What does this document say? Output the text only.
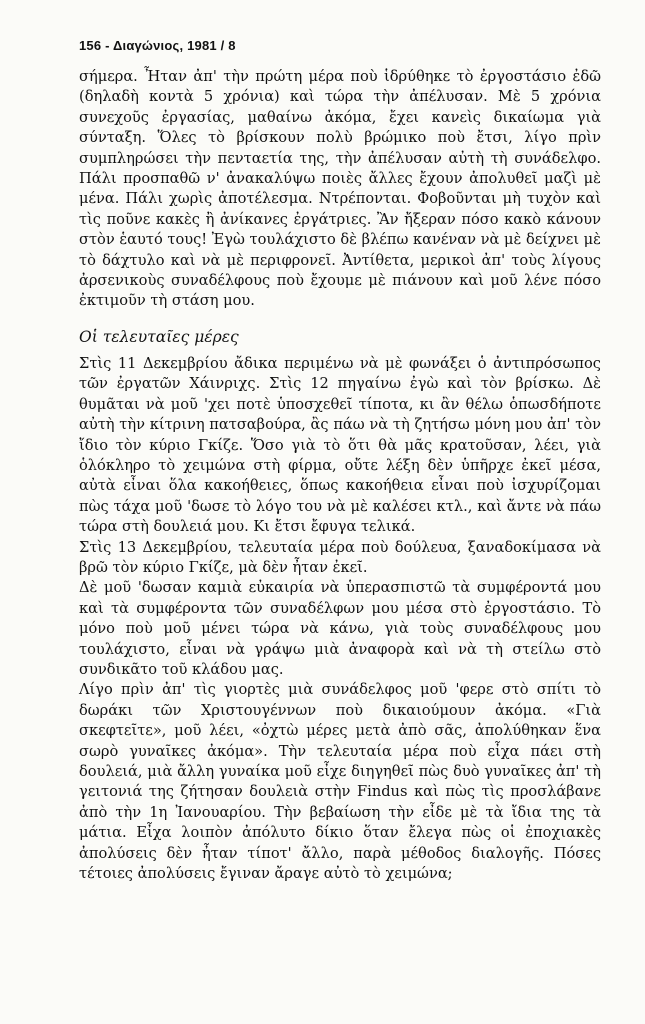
156 - Διαγώνιος, 1981 / 8

σήμερα. Ἦταν ἀπ' τὴν πρώτη μέρα ποὺ ἱδρύθηκε τὸ ἐργοστάσιο ἐδῶ (δηλαδὴ κοντὰ 5 χρόνια) καὶ τώρα τὴν ἀπέλυσαν. Μὲ 5 χρόνια συνεχοῦς ἐργασίας, μαθαίνω ἀκόμα, ἔχει κανεὶς δικαίωμα γιὰ σύνταξη. Ὅλες τὸ βρίσκουν πολὺ βρώμικο ποὺ ἔτσι, λίγο πρὶν συμπληρώσει τὴν πενταετία της, τὴν ἀπέλυσαν αὐτὴ τὴ συνάδελφο. Πάλι προσπαθῶ ν' ἀνακαλύψω ποιὲς ἄλλες ἔχουν ἀπολυθεῖ μαζὶ μὲ μένα. Πάλι χωρὶς ἀποτέλεσμα. Ντρέπονται. Φοβοῦνται μὴ τυχὸν καὶ τὶς ποῦνε κακὲς ἢ ἀνίκανες ἐργάτριες. Ἂν ἤξεραν πόσο κακὸ κάνουν στὸν ἑαυτό τους! Ἐγὼ τουλάχιστο δὲ βλέπω κανέναν νὰ μὲ δείχνει μὲ τὸ δάχτυλο καὶ νὰ μὲ περιφρονεῖ. Ἀντίθετα, μερικοὶ ἀπ' τοὺς λίγους ἀρσενικοὺς συναδέλφους ποὺ ἔχουμε μὲ πιάνουν καὶ μοῦ λένε πόσο ἐκτιμοῦν τὴ στάση μου.

Οἱ τελευταῖες μέρες

Στὶς 11 Δεκεμβρίου ἄδικα περιμένω νὰ μὲ φωνάξει ὁ ἀντιπρόσωπος τῶν ἐργατῶν Χάινριχς. Στὶς 12 πηγαίνω ἐγὼ καὶ τὸν βρίσκω. Δὲ θυμᾶται νὰ μοῦ 'χει ποτὲ ὑποσχεθεῖ τίποτα, κι ἂν θέλω ὁπωσδήποτε αὐτὴ τὴν κίτρινη πατσαβούρα, ἂς πάω νὰ τὴ ζητήσω μόνη μου ἀπ' τὸν ἴδιο τὸν κύριο Γκίζε. Ὅσο γιὰ τὸ ὅτι θὰ μᾶς κρατοῦσαν, λέει, γιὰ ὁλόκληρο τὸ χειμώνα στὴ φίρμα, οὔτε λέξη δὲν ὑπῆρχε ἐκεῖ μέσα, αὐτὰ εἶναι ὅλα κακοήθειες, ὅπως κακοήθεια εἶναι ποὺ ἰσχυρίζομαι πὼς τάχα μοῦ 'δωσε τὸ λόγο του νὰ μὲ καλέσει κτλ., καὶ ἄντε νὰ πάω τώρα στὴ δουλειά μου. Κι ἔτσι ἔφυγα τελικά.

Στὶς 13 Δεκεμβρίου, τελευταία μέρα ποὺ δούλευα, ξαναδοκίμασα νὰ βρῶ τὸν κύριο Γκίζε, μὰ δὲν ἦταν ἐκεῖ.

Δὲ μοῦ 'δωσαν καμιὰ εὐκαιρία νὰ ὑπερασπιστῶ τὰ συμφέροντά μου καὶ τὰ συμφέροντα τῶν συναδέλφων μου μέσα στὸ ἐργοστάσιο. Τὸ μόνο ποὺ μοῦ μένει τώρα νὰ κάνω, γιὰ τοὺς συναδέλφους μου τουλάχιστο, εἶναι νὰ γράψω μιὰ ἀναφορὰ καὶ νὰ τὴ στείλω στὸ συνδικᾶτο τοῦ κλάδου μας.

Λίγο πρὶν ἀπ' τὶς γιορτὲς μιὰ συνάδελφος μοῦ 'φερε στὸ σπίτι τὸ δωράκι τῶν Χριστουγέννων ποὺ δικαιούμουν ἀκόμα. «Γιὰ σκεφτεῖτε», μοῦ λέει, «ὀχτὼ μέρες μετὰ ἀπὸ σᾶς, ἀπολύθηκαν ἕνα σωρὸ γυναῖκες ἀκόμα». Τὴν τελευταία μέρα ποὺ εἶχα πάει στὴ δουλειά, μιὰ ἄλλη γυναίκα μοῦ εἶχε διηγηθεῖ πὼς δυὸ γυναῖκες ἀπ' τὴ γειτονιά της ζήτησαν δουλειὰ στὴν Findus καὶ πὼς τὶς προσλάβανε ἀπὸ τὴν 1η Ἰανουαρίου. Τὴν βεβαίωση τὴν εἶδε μὲ τὰ ἴδια της τὰ μάτια. Εἶχα λοιπὸν ἀπόλυτο δίκιο ὅταν ἔλεγα πὼς οἱ ἐποχιακὲς ἀπολύσεις δὲν ἦταν τίποτ' ἄλλο, παρὰ μέθοδος διαλογῆς. Πόσες τέτοιες ἀπολύσεις ἔγιναν ἄραγε αὐτὸ τὸ χειμώνα;
